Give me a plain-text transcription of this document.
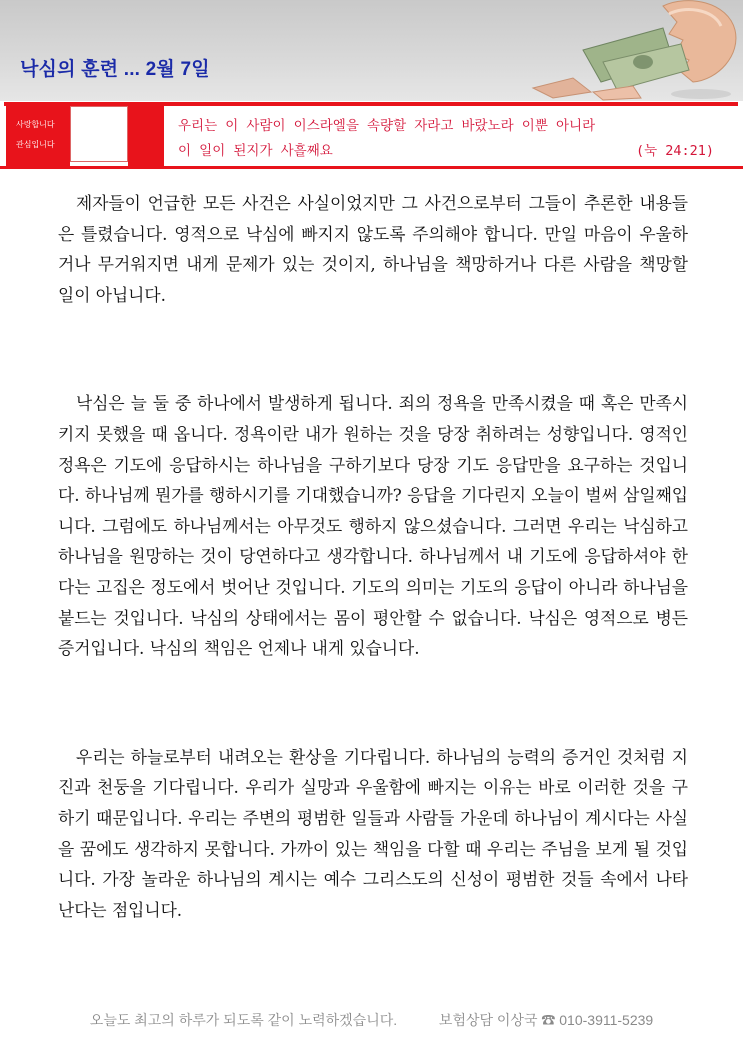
낙심의 훈련 ... 2월 7일
사랑합니다
관심입니다
우리는 이 사람이 이스라엘을 속량할 자라고 바랐노라 이뿐 아니라
이 일이 된지가 사흘째요	(눅 24:21)

제자들이 언급한 모든 사건은 사실이었지만 그 사건으로부터 그들이 추론한 내용들은 틀렸습니다. 영적으로 낙심에 빠지지 않도록 주의해야 합니다. 만일 마음이 우울하거나 무거워지면 내게 문제가 있는 것이지, 하나님을 책망하거나 다른 사람을 책망할 일이 아닙니다.

낙심은 늘 둘 중 하나에서 발생하게 됩니다. 죄의 정욕을 만족시켰을 때 혹은 만족시키지 못했을 때 옵니다. 정욕이란 내가 원하는 것을 당장 취하려는 성향입니다. 영적인 정욕은 기도에 응답하시는 하나님을 구하기보다 당장 기도 응답만을 요구하는 것입니다. 하나님께 뭔가를 행하시기를 기대했습니까? 응답을 기다린지 오늘이 벌써 삼일째입니다. 그럼에도 하나님께서는 아무것도 행하지 않으셨습니다. 그러면 우리는 낙심하고 하나님을 원망하는 것이 당연하다고 생각합니다. 하나님께서 내 기도에 응답하셔야 한다는 고집은 정도에서 벗어난 것입니다. 기도의 의미는 기도의 응답이 아니라 하나님을 붙드는 것입니다. 낙심의 상태에서는 몸이 평안할 수 없습니다. 낙심은 영적으로 병든 증거입니다. 낙심의 책임은 언제나 내게 있습니다.

우리는 하늘로부터 내려오는 환상을 기다립니다. 하나님의 능력의 증거인 것처럼 지진과 천둥을 기다립니다. 우리가 실망과 우울함에 빠지는 이유는 바로 이러한 것을 구하기 때문입니다. 우리는 주변의 평범한 일들과 사람들 가운데 하나님이 계시다는 사실을 꿈에도 생각하지 못합니다. 가까이 있는 책임을 다할 때 우리는 주님을 보게 될 것입니다. 가장 놀라운 하나님의 계시는 예수 그리스도의 신성이 평범한 것들 속에서 나타난다는 점입니다.

오늘도 최고의 하루가 되도록 같이 노력하겠습니다.	보험상담 이상국 ☎ 010-3911-5239
